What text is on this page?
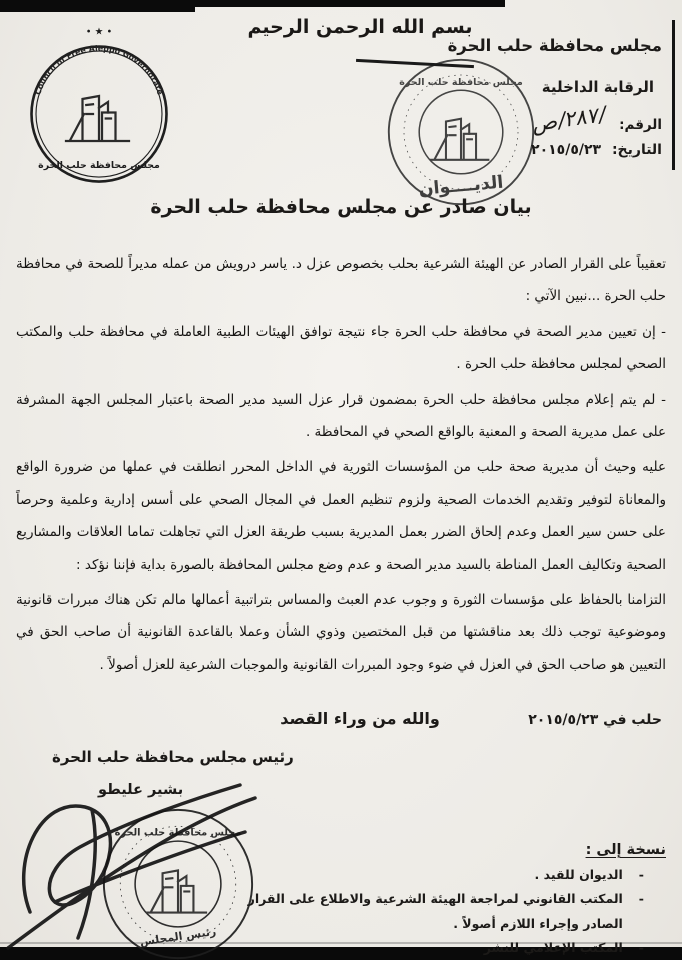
بسم الله الرحمن الرحيم
• ★ •
Council of Free Aleppo Governorate
مجلس محافظة حلب الحرة
مجلس محافظة حلب الحرة
الديــــوان
مجلس محافظة حلب الحرة
الرقابة الداخلية
الرقم: /٢٨٧/ص
التاريخ: ٢٠١٥/٥/٢٣
بيان صادر عن مجلس محافظة حلب الحرة

تعقيباً على القرار الصادر عن الهيئة الشرعية بحلب بخصوص عزل د. ياسر درويش من عمله مديراً للصحة في محافظة حلب الحرة ...نبين الآتي :

- إن تعيين مدير الصحة في محافظة حلب الحرة جاء نتيجة توافق الهيئات الطبية العاملة في محافظة حلب والمكتب الصحي لمجلس محافظة حلب الحرة .

- لم يتم إعلام مجلس محافظة حلب الحرة بمضمون قرار عزل السيد مدير الصحة باعتبار المجلس الجهة المشرفة على عمل مديرية الصحة و المعنية بالواقع الصحي في المحافظة .

عليه وحيث أن مديرية صحة حلب من المؤسسات الثورية في الداخل المحرر انطلقت في عملها من ضرورة الواقع والمعاناة لتوفير وتقديم الخدمات الصحية ولزوم تنظيم العمل في المجال الصحي على أسس إدارية وعلمية وحرصاً على حسن سير العمل وعدم إلحاق الضرر بعمل المديرية بسبب طريقة العزل التي تجاهلت تماما العلاقات والمشاريع الصحية وتكاليف العمل المناطة بالسيد مدير الصحة و عدم وضع مجلس المحافظة بالصورة بداية فإننا نؤكد :

التزامنا بالحفاظ على مؤسسات الثورة و وجوب عدم العبث والمساس بتراتبية أعمالها مالم تكن هناك مبررات قانونية وموضوعية توجب ذلك بعد مناقشتها من قبل المختصين وذوي الشأن وعملا بالقاعدة القانونية أن صاحب الحق في التعيين هو صاحب الحق في العزل في ضوء وجود المبررات القانونية والموجبات الشرعية للعزل أصولاً .

حلب في ٢٠١٥/٥/٢٣
والله من وراء القصد
رئيس مجلس محافظة حلب الحرة
بشير عليطو
مجلس محافظة حلب الحرة
رئيس المجلس
نسخة إلى :
-
الديوان للقيد .
-
المكتب القانوني لمراجعة الهيئة الشرعية والاطلاع على القرار الصادر وإجراء اللازم أصولاً .
-
المكتب الإعلامي للنشر
